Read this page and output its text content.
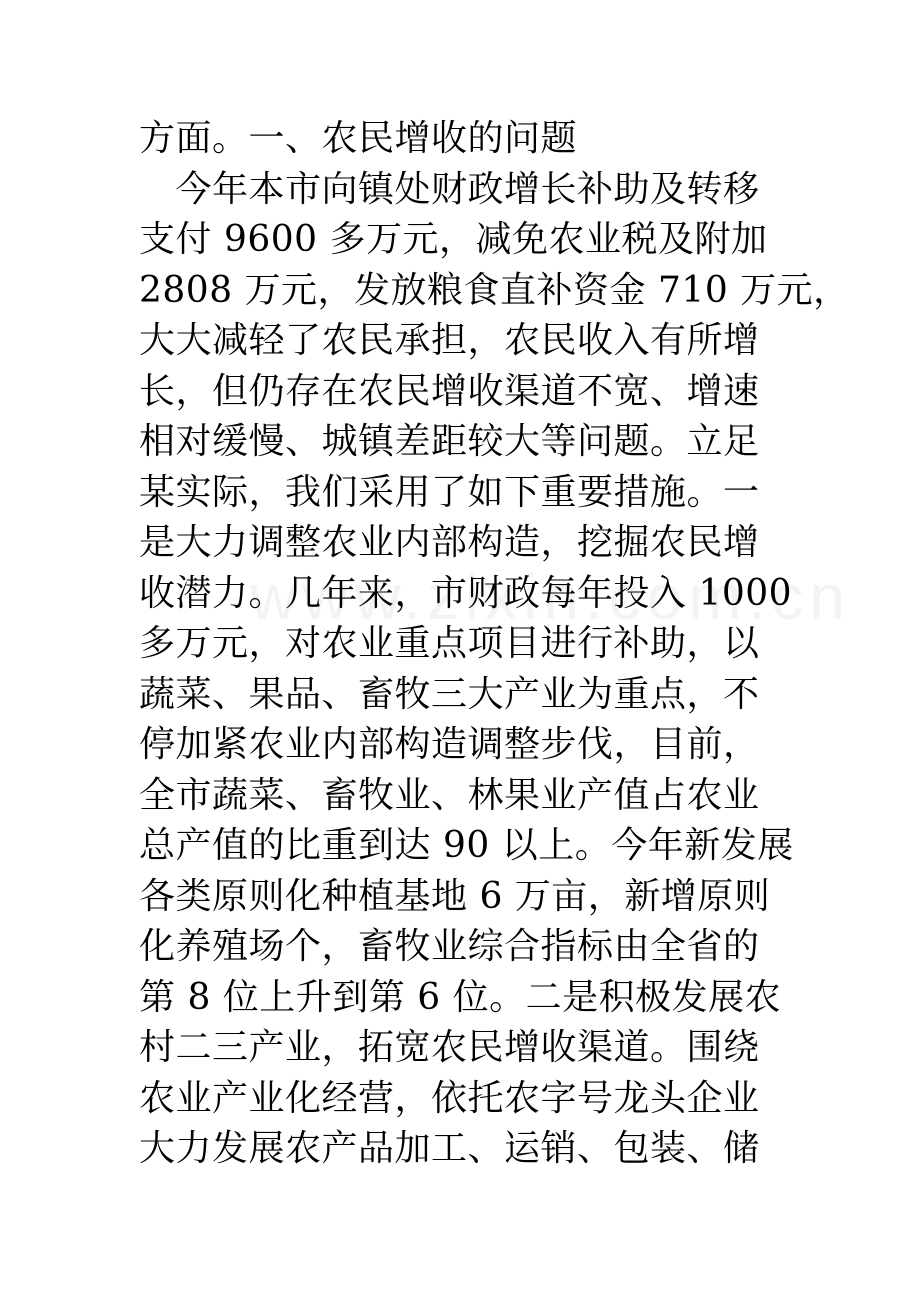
方面。一、农民增收的问题
　今年本市向镇处财政增长补助及转移
支付 9600 多万元，减免农业税及附加
2808 万元，发放粮食直补资金 710 万元，
大大减轻了农民承担，农民收入有所增
长，但仍存在农民增收渠道不宽、增速
相对缓慢、城镇差距较大等问题。立足
某实际，我们采用了如下重要措施。一
是大力调整农业内部构造，挖掘农民增
收潜力。几年来，市财政每年投入 1000
多万元，对农业重点项目进行补助，以
蔬菜、果品、畜牧三大产业为重点，不
停加紧农业内部构造调整步伐，目前，
全市蔬菜、畜牧业、林果业产值占农业
总产值的比重到达 90 以上。今年新发展
各类原则化种植基地 6 万亩，新增原则
化养殖场个，畜牧业综合指标由全省的
第 8 位上升到第 6 位。二是积极发展农
村二三产业，拓宽农民增收渠道。围绕
农业产业化经营，依托农字号龙头企业
大力发展农产品加工、运销、包装、储
